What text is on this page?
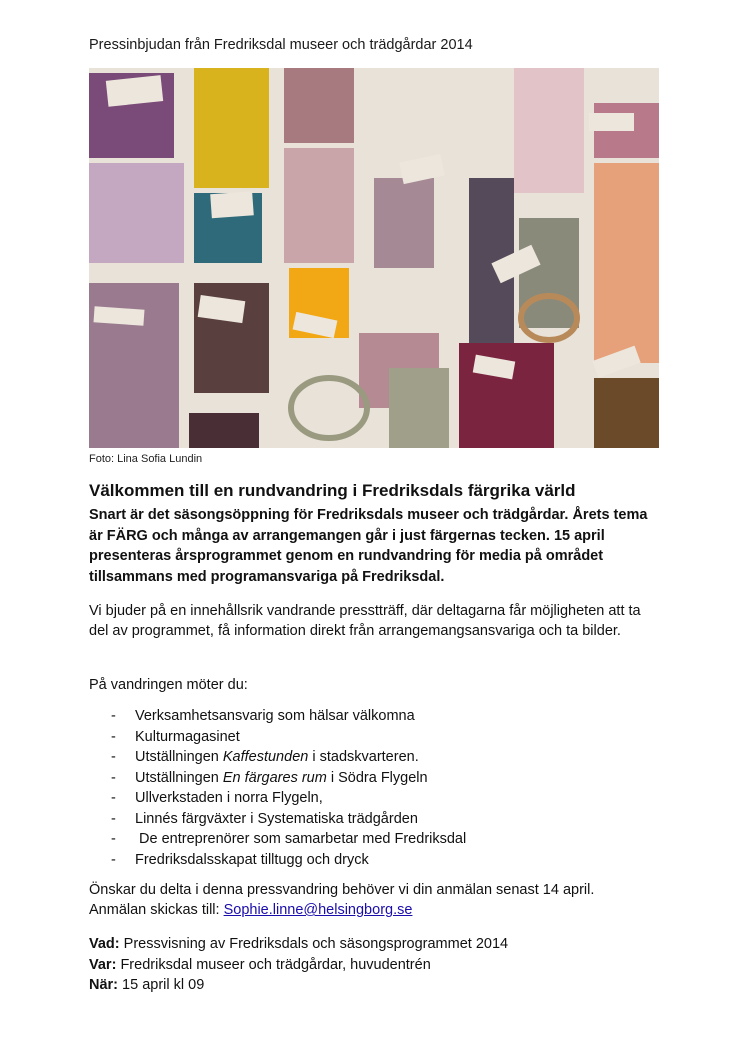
Pressinbjudan från Fredriksdal museer och trädgårdar 2014
Foto: Lina Sofia Lundin
Välkommen till en rundvandring i Fredriksdals färgrika värld

Snart är det säsongsöppning för Fredriksdals museer och trädgårdar. Årets tema är FÄRG och många av arrangemangen går i just färgernas tecken. 15 april presenteras årsprogrammet genom en rundvandring för media på området tillsammans med programansvariga på Fredriksdal.

Vi bjuder på en innehållsrik vandrande presstträff, där deltagarna får möjligheten att ta del av programmet, få information direkt från arrangemangsansvariga och ta bilder.

På vandringen möter du:

- Verksamhetsansvarig som hälsar välkomna
- Kulturmagasinet
- Utställningen Kaffestunden i stadskvarteren.
- Utställningen En färgares rum i Södra Flygeln
- Ullverkstaden i norra Flygeln,
- Linnés färgväxter i Systematiska trädgården
- De entreprenörer som samarbetar med Fredriksdal
- Fredriksdalsskapat tilltugg och dryck

Önskar du delta i denna pressvandring behöver vi din anmälan senast 14 april.
Anmälan skickas till: Sophie.linne@helsingborg.se

Vad: Pressvisning av Fredriksdals och säsongsprogrammet 2014
Var: Fredriksdal museer och trädgårdar, huvudentrén
När: 15 april kl 09
